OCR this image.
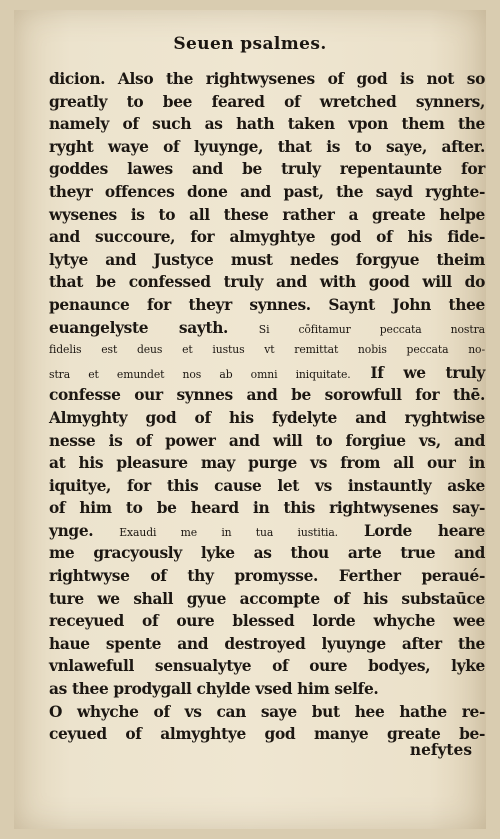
Seuen psalmes.
dicion. Also the rightwysenes of god is not so
greatly to bee feared of wretched synners,
namely of such as hath taken vpon them the
ryght waye of lyuynge, that is to saye, after.
goddes lawes and be truly repentaunte for
theyr offences done and past, the sayd ryghte-
wysenes is to all these rather a greate helpe
and succoure, for almyghtye god of his fide-
lytye and Justyce must nedes forgyue theim
that be confessed truly and with good will do
penaunce for theyr synnes. Saynt John thee
euangelyste sayth.	Si cōfitamur peccata nostra
fidelis est deus et iustus vt remittat nobis peccata no-
stra et emundet nos ab omni iniquitate. If we truly
confesse our synnes and be sorowfull for thē.
Almyghty god of his fydelyte and ryghtwise
nesse is of power and will to forgiue vs, and
at his pleasure may purge vs from all our in
iquitye, for this cause let vs instauntly aske
of him to be heard in this rightwysenes say-
ynge. Exaudi me in tua iustitia. Lorde heare
me gracyously lyke as thou arte true and
rightwyse of thy promysse. Ferther peraué-
ture we shall gyue accompte of his substaūce
receyued of oure blessed lorde whyche wee
haue spente and destroyed lyuynge after the
vnlawefull sensualytye of oure bodyes, lyke
as thee prodygall chylde vsed him selfe.
O whyche of vs can saye but hee hathe re-
ceyued of almyghtye god manye greate be-
nefytes
